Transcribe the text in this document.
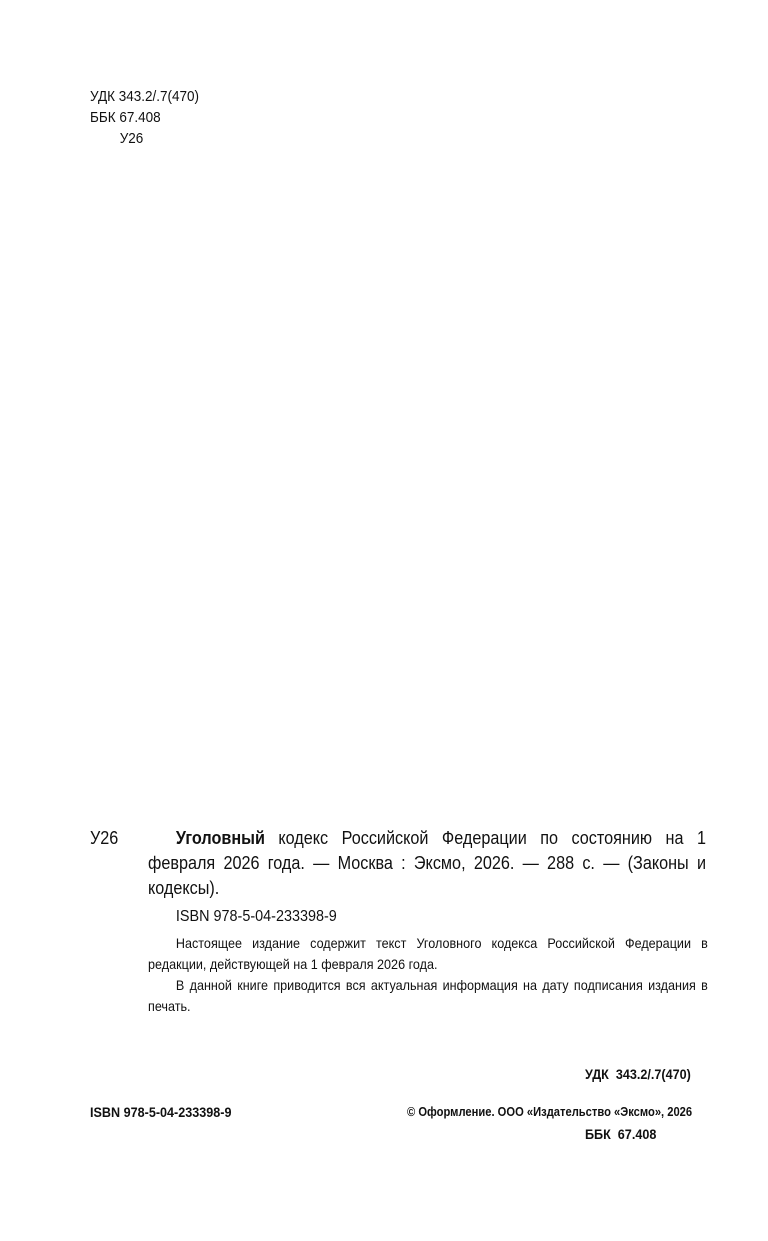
УДК 343.2/.7(470)
ББК 67.408
У26
У26	Уголовный кодекс Российской Федерации по состоянию на 1 февраля 2026 года. — Москва : Эксмо, 2026. — 288 с. — (Законы и кодексы).
ISBN 978-5-04-233398-9

Настоящее издание содержит текст Уголовного кодекса Российской Федерации в редакции, действующей на 1 февраля 2026 года.

В данной книге приводится вся актуальная информация на дату подписания издания в печать.

УДК  343.2/.7(470)

ББК  67.408

ISBN 978-5-04-233398-9	© Оформление. ООО «Издательство «Эксмо», 2026
